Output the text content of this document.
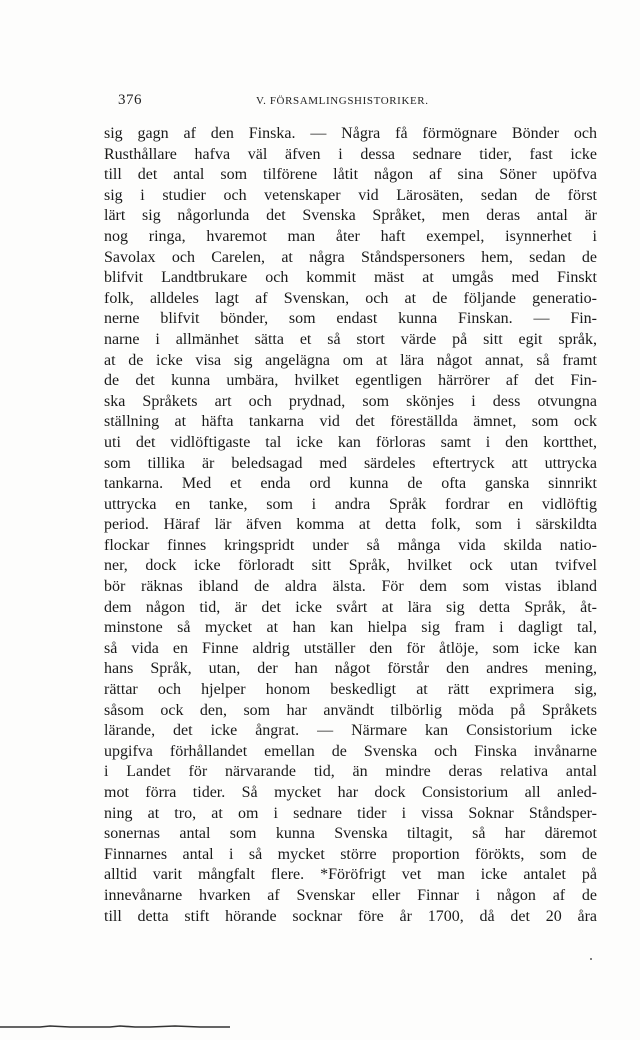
376	V. FÖRSAMLINGSHISTORIKER.
sig gagn af den Finska. — Några få förmögnare Bönder och
Rusthållare hafva väl äfven i dessa sednare tider, fast icke
till det antal som tilförene låtit någon af sina Söner upöfva
sig i studier och vetenskaper vid Lärosäten, sedan de först
lärt sig någorlunda det Svenska Språket, men deras antal är
nog ringa, hvaremot man åter haft exempel, isynnerhet i
Savolax och Carelen, at några Ståndspersoners hem, sedan de
blifvit Landtbrukare och kommit mäst at umgås med Finskt
folk, alldeles lagt af Svenskan, och at de följande generatio-
nerne blifvit bönder, som endast kunna Finskan. — Fin-
narne i allmänhet sätta et så stort värde på sitt egit språk,
at de icke visa sig angelägna om at lära något annat, så framt
de det kunna umbära, hvilket egentligen härrörer af det Fin-
ska Språkets art och prydnad, som skönjes i dess otvungna
ställning at häfta tankarna vid det föreställda ämnet, som ock
uti det vidlöftigaste tal icke kan förloras samt i den kortthet,
som tillika är beledsagad med särdeles eftertryck att uttrycka
tankarna. Med et enda ord kunna de ofta ganska sinnrikt
uttrycka en tanke, som i andra Språk fordrar en vidlöftig
period. Häraf lär äfven komma at detta folk, som i särskildta
flockar finnes kringspridt under så många vida skilda natio-
ner, dock icke förloradt sitt Språk, hvilket ock utan tvifvel
bör räknas ibland de aldra älsta. För dem som vistas ibland
dem någon tid, är det icke svårt at lära sig detta Språk, åt-
minstone så mycket at han kan hielpa sig fram i dagligt tal,
så vida en Finne aldrig utställer den för åtlöje, som icke kan
hans Språk, utan, der han något förstår den andres mening,
rättar och hjelper honom beskedligt at rätt exprimera sig,
såsom ock den, som har användt tilbörlig möda på Språkets
lärande, det icke ångrat. — Närmare kan Consistorium icke
upgifva förhållandet emellan de Svenska och Finska invånarne
i Landet för närvarande tid, än mindre deras relativa antal
mot förra tider. Så mycket har dock Consistorium all anled-
ning at tro, at om i sednare tider i vissa Soknar Ståndsper-
sonernas antal som kunna Svenska tiltagit, så har däremot
Finnarnes antal i så mycket större proportion förökts, som de
alltid varit mångfalt flere. *Föröfrigt vet man icke antalet på
innevånarne hvarken af Svenskar eller Finnar i någon af de
till detta stift hörande socknar före år 1700, då det 20 åra
